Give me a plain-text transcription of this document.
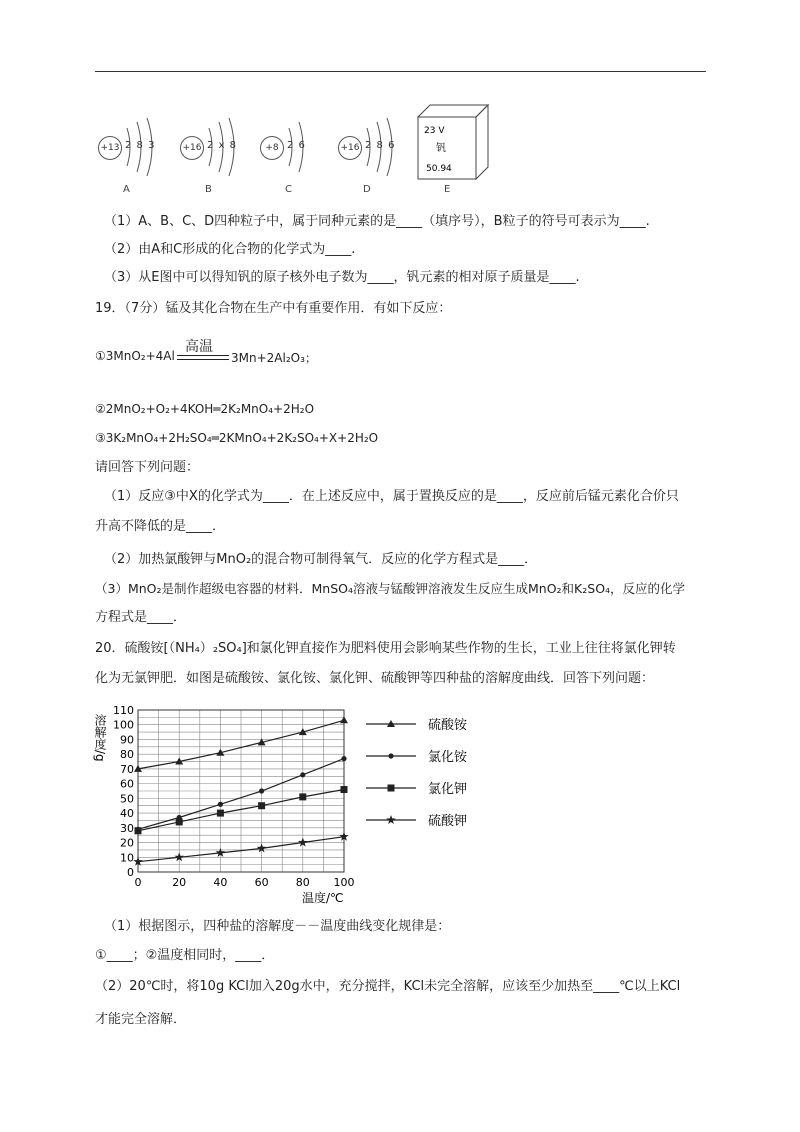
+13 2 8 3
A
+16 2 x 8
B
+8 2 6
C
+16 2 8 6
D
23 V
钒
50.94
E
（1）A、B、C、D四种粒子中，属于同种元素的是____（填序号），B粒子的符号可表示为____.
（2）由A和C形成的化合物的化学式为____.
（3）从E图中可以得知钒的原子核外电子数为____，钒元素的相对原子质量是____.
19．（7分）锰及其化合物在生产中有重要作用．有如下反应：
高温
①3MnO₂+4Al	3Mn+2Al₂O₃；
②2MnO₂+O₂+4KOH═2K₂MnO₄+2H₂O
③3K₂MnO₄+2H₂SO₄═2KMnO₄+2K₂SO₄+X+2H₂O
请回答下列问题：
（1）反应③中X的化学式为____．在上述反应中，属于置换反应的是____，反应前后锰元素化合价只
升高不降低的是____．
（2）加热氯酸钾与MnO₂的混合物可制得氧气．反应的化学方程式是____．
（3）MnO₂是制作超级电容器的材料．MnSO₄溶液与锰酸钾溶液发生反应生成MnO₂和K₂SO₄，反应的化学
方程式是____．
20．硫酸铵[（NH₄）₂SO₄]和氯化钾直接作为肥料使用会影响某些作物的生长，工业上往往将氯化钾转
化为无氯钾肥．如图是硫酸铵、氯化铵、氯化钾、硫酸钾等四种盐的溶解度曲线．回答下列问题：
0
10
20
30
40
50
60
70
80
90
100
110
0	20 40 60 80 100
溶解度/g
温度/℃
硫酸铵
氯化铵
氯化钾
硫酸钾
（1）根据图示，四种盐的溶解度－－温度曲线变化规律是：
①____；②温度相同时，____．
（2）20℃时，将10g KCl加入20g水中，充分搅拌，KCl未完全溶解，应该至少加热至____℃以上KCl
才能完全溶解．
